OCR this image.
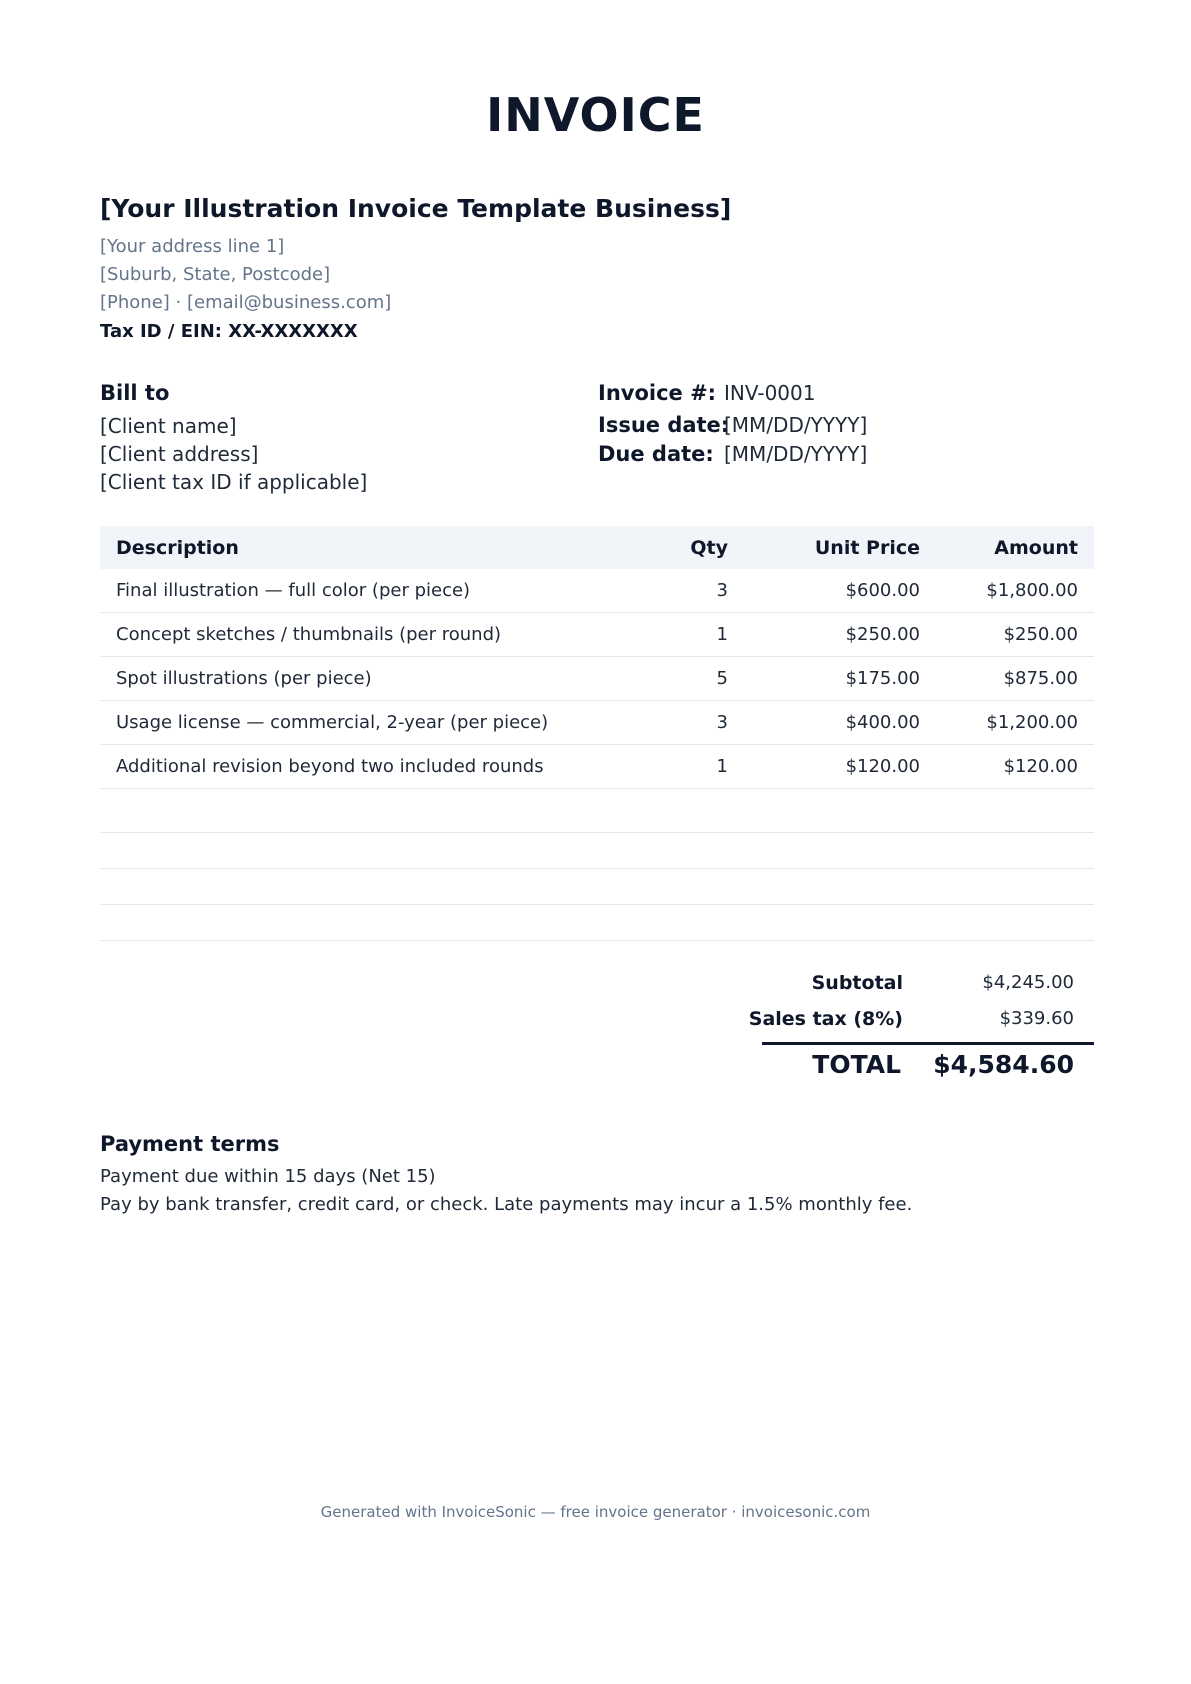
INVOICE
[Your Illustration Invoice Template Business]
[Your address line 1]
[Suburb, State, Postcode]
[Phone] · [email@business.com]
Tax ID / EIN: XX-XXXXXXX
Bill to
[Client name]
[Client address]
[Client tax ID if applicable]
Invoice #: INV-0001
Issue date:
[MM/DD/YYYY]
Due date: [MM/DD/YYYY]
Description	Qty	Unit Price	Amount
Final illustration — full color (per piece)	3	$600.00	$1,800.00
Concept sketches / thumbnails (per round)	1	$250.00	$250.00
Spot illustrations (per piece)	5	$175.00	$875.00
Usage license — commercial, 2-year (per piece)	3	$400.00	$1,200.00
Additional revision beyond two included rounds	1	$120.00	$120.00

Subtotal	$4,245.00
Sales tax (8%)	$339.60
TOTAL $4,584.60
Payment terms
Payment due within 15 days (Net 15)
Pay by bank transfer, credit card, or check. Late payments may incur a 1.5% monthly fee.
Generated with InvoiceSonic — free invoice generator · invoicesonic.com
